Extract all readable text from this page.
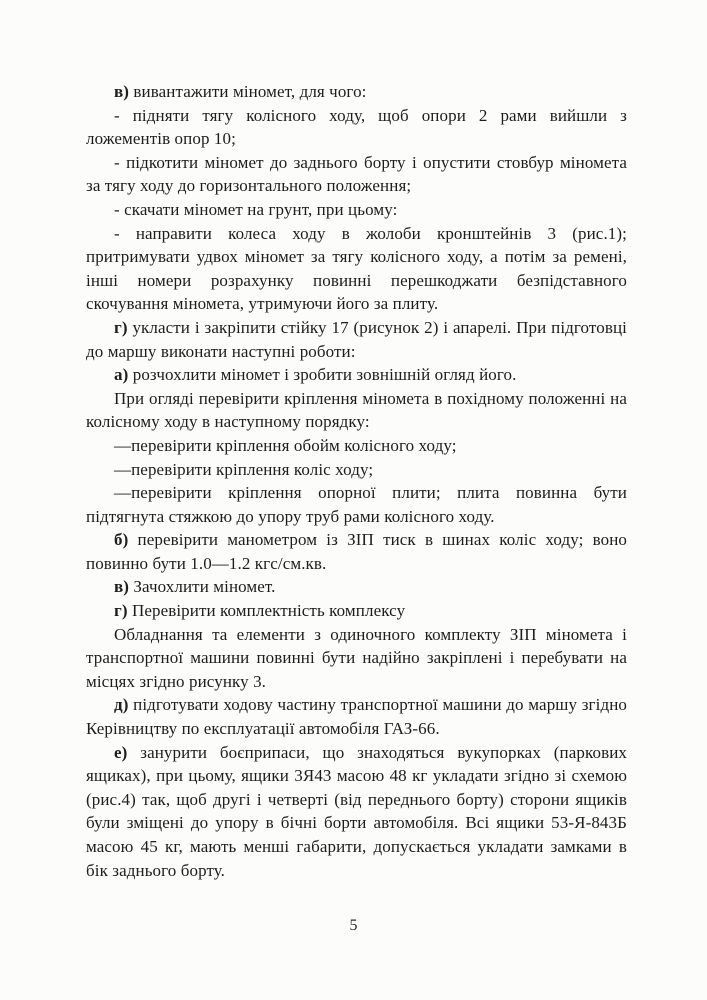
в) вивантажити міномет, для чого:

- підняти тягу колісного ходу, щоб опори 2 рами вийшли з ложементів опор 10;

- підкотити міномет до заднього борту і опустити стовбур міномета за тягу ходу до горизонтального положення;

- скачати міномет на грунт, при цьому:

- направити колеса ходу в жолоби кронштейнів 3 (рис.1); притримувати удвох міномет за тягу колісного ходу, а потім за ремені, інші номери розрахунку повинні перешкоджати безпідставного скочування міномета, утримуючи його за плиту.

г) укласти і закріпити стійку 17 (рисунок 2) і апарелі. При підготовці до маршу виконати наступні роботи:

а) розчохлити міномет і зробити зовнішній огляд його.

При огляді перевірити кріплення міномета в похідному положенні на колісному ходу в наступному порядку:

—перевірити кріплення обойм колісного ходу;

—перевірити кріплення коліс ходу;

—перевірити кріплення опорної плити; плита повинна бути підтягнута стяжкою до упору труб рами колісного ходу.

б) перевірити манометром із ЗІП тиск в шинах коліс ходу; воно повинно бути 1.0—1.2 кгс/см.кв.

в) Зачохлити міномет.

г) Перевірити комплектність комплексу

Обладнання та елементи з одиночного комплекту ЗІП міномета і транспортної машини повинні бути надійно закріплені і перебувати на місцях згідно рисунку 3.

д) підготувати ходову частину транспортної машини до маршу згідно Керівництву по експлуатації автомобіля ГАЗ-66.

е) занурити боєприпаси, що знаходяться вукупорках (паркових ящиках), при цьому, ящики 3Я43 масою 48 кг укладати згідно зі схемою (рис.4) так, щоб другі і четверті (від переднього борту) сторони ящиків були зміщені до упору в бічні борти автомобіля. Всі ящики 53-Я-843Б масою 45 кг, мають менші габарити, допускається укладати замками в бік заднього борту.

5
